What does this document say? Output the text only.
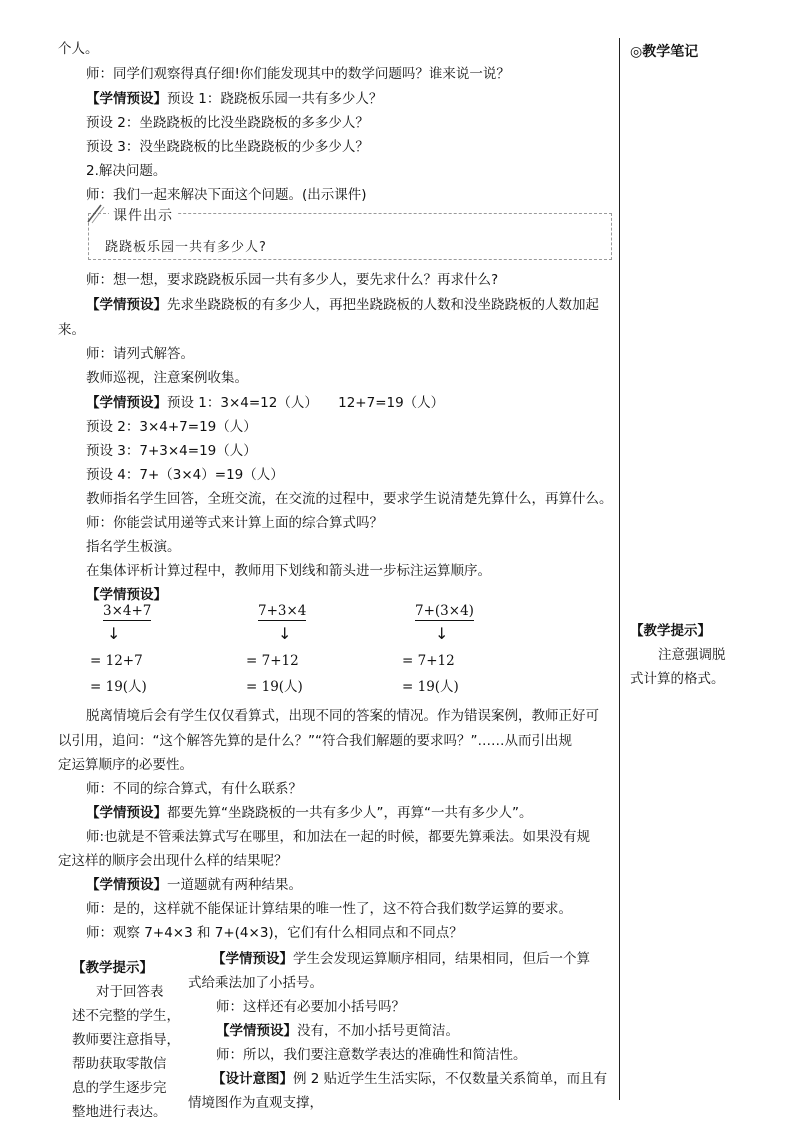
个人。
师：同学们观察得真仔细!你们能发现其中的数学问题吗？谁来说一说？
【学情预设】预设 1：跷跷板乐园一共有多少人？
预设 2：坐跷跷板的比没坐跷跷板的多多少人？
预设 3：没坐跷跷板的比坐跷跷板的少多少人？
2.解决问题。
师：我们一起来解决下面这个问题。(出示课件)
课件出示
跷跷板乐园一共有多少人?
师：想一想，要求跷跷板乐园一共有多少人，要先求什么？再求什么?
【学情预设】先求坐跷跷板的有多少人，再把坐跷跷板的人数和没坐跷跷板的人数加起
来。
师：请列式解答。
教师巡视，注意案例收集。
【学情预设】预设 1：3×4=12（人）　　12+7=19（人）
预设 2：3×4+7=19（人）
预设 3：7+3×4=19（人）
预设 4：7+（3×4）=19（人）
教师指名学生回答，全班交流，在交流的过程中，要求学生说清楚先算什么，再算什么。
师：你能尝试用递等式来计算上面的综合算式吗？
指名学生板演。
在集体评析计算过程中，教师用下划线和箭头进一步标注运算顺序。
【学情预设】
3×4+7
↓
= 12+7
= 19(人)
7+3×4
↓
= 7+12
= 19(人)
7+(3×4)
↓
= 7+12
= 19(人)
脱离情境后会有学生仅仅看算式，出现不同的答案的情况。作为错误案例，教师正好可
以引用，追问：“这个解答先算的是什么？”“符合我们解题的要求吗？”……从而引出规
定运算顺序的必要性。
师：不同的综合算式，有什么联系？
【学情预设】都要先算“坐跷跷板的一共有多少人”，再算“一共有多少人”。
师:也就是不管乘法算式写在哪里，和加法在一起的时候，都要先算乘法。如果没有规
定这样的顺序会出现什么样的结果呢？
【学情预设】一道题就有两种结果。
师：是的，这样就不能保证计算结果的唯一性了，这不符合我们数学运算的要求。
师：观察 7+4×3 和 7+(4×3)，它们有什么相同点和不同点？
【学情预设】学生会发现运算顺序相同，结果相同，但后一个算
式给乘法加了小括号。
师：这样还有必要加小括号吗？
【学情预设】没有，不加小括号更简洁。
师：所以，我们要注意数学表达的准确性和简洁性。
【设计意图】例 2 贴近学生生活实际，不仅数量关系简单，而且有
情境图作为直观支撑，
【教学提示】
对于回答表
述不完整的学生，
教师要注意指导，
帮助获取零散信
息的学生逐步完
整地进行表达。
◎教学笔记
【教学提示】
注意强调脱
式计算的格式。
